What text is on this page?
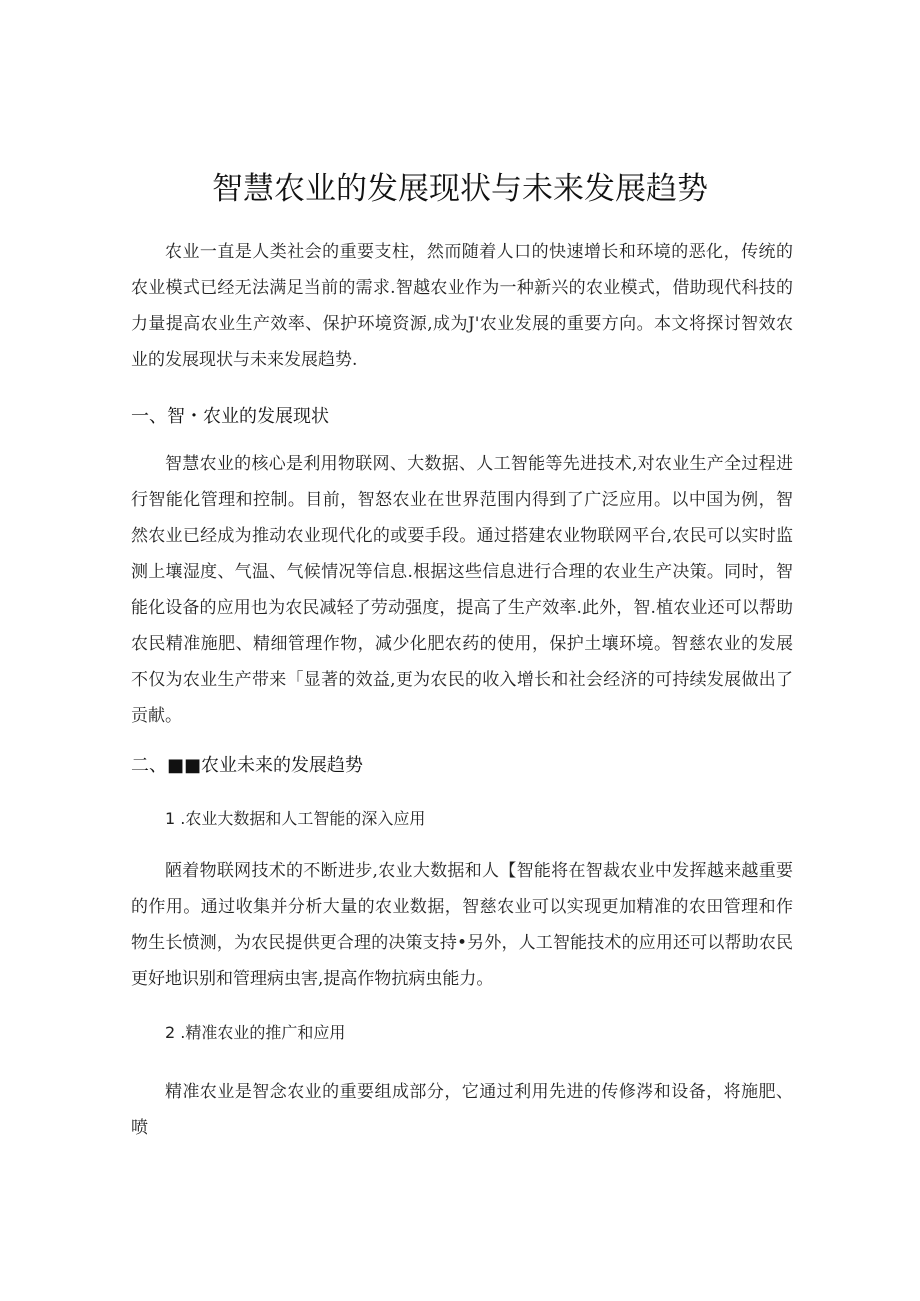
智慧农业的发展现状与未来发展趋势

农业一直是人类社会的重要支柱，然而随着人口的快速增长和环境的恶化，传统的农业模式已经无法满足当前的需求.智越农业作为一种新兴的农业模式，借助现代科技的力量提高农业生产效率、保护环境资源,成为J'农业发展的重要方向。本文将探讨智效农业的发展现状与未来发展趋势.

一、智・农业的发展现状

智慧农业的核心是利用物联网、大数据、人工智能等先进技术,对农业生产全过程进行智能化管理和控制。目前，智怒农业在世界范围内得到了广泛应用。以中国为例，智然农业已经成为推动农业现代化的或要手段。通过搭建农业物联网平台,农民可以实时监测上壤湿度、气温、气候情况等信息.根据这些信息进行合理的农业生产决策。同时，智能化设备的应用也为农民减轻了劳动强度，提高了生产效率.此外，智.植农业还可以帮助农民精准施肥、精细管理作物，减少化肥农药的使用，保护土壤环境。智慈农业的发展不仅为农业生产带来「显著的效益,更为农民的收入增长和社会经济的可持续发展做出了贡献。

二、■■农业未来的发展趋势
1 .农业大数据和人工智能的深入应用

陋着物联网技术的不断进步,农业大数据和人【智能将在智裁农业中发挥越来越重要的作用。通过收集并分析大量的农业数据，智慈农业可以实现更加精准的农田管理和作物生长愤测，为农民提供更合理的决策支持•另外，人工智能技术的应用还可以帮助农民更好地识别和管理病虫害,提高作物抗病虫能力。

2 .精准农业的推广和应用

精准农业是智念农业的重要组成部分，它通过利用先进的传修涔和设备，将施肥、喷
